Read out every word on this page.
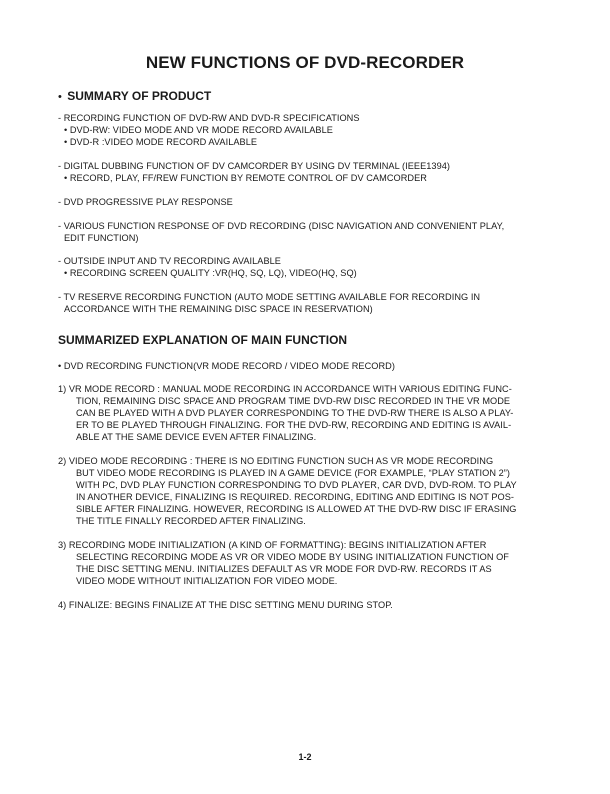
NEW FUNCTIONS OF DVD-RECORDER
• SUMMARY OF PRODUCT
- RECORDING FUNCTION OF DVD-RW AND DVD-R SPECIFICATIONS
• DVD-RW: VIDEO MODE AND VR MODE RECORD AVAILABLE
• DVD-R :VIDEO MODE RECORD AVAILABLE
- DIGITAL DUBBING FUNCTION OF DV CAMCORDER BY USING DV TERMINAL (IEEE1394)
• RECORD, PLAY, FF/REW FUNCTION BY REMOTE CONTROL OF DV CAMCORDER
- DVD PROGRESSIVE PLAY RESPONSE
- VARIOUS FUNCTION RESPONSE OF DVD RECORDING (DISC NAVIGATION AND CONVENIENT PLAY,
EDIT FUNCTION)
- OUTSIDE INPUT AND TV RECORDING AVAILABLE
• RECORDING SCREEN QUALITY :VR(HQ, SQ, LQ), VIDEO(HQ, SQ)
- TV RESERVE RECORDING FUNCTION (AUTO MODE SETTING AVAILABLE FOR RECORDING IN
ACCORDANCE WITH THE REMAINING DISC SPACE IN RESERVATION)
SUMMARIZED EXPLANATION OF MAIN FUNCTION
• DVD RECORDING FUNCTION(VR MODE RECORD / VIDEO MODE RECORD)
1) VR MODE RECORD : MANUAL MODE RECORDING IN ACCORDANCE WITH VARIOUS EDITING FUNC-
TION, REMAINING DISC SPACE AND PROGRAM TIME DVD-RW DISC RECORDED IN THE VR MODE
CAN BE PLAYED WITH A DVD PLAYER CORRESPONDING TO THE DVD-RW THERE IS ALSO A PLAY-
ER TO BE PLAYED THROUGH FINALIZING. FOR THE DVD-RW, RECORDING AND EDITING IS AVAIL-
ABLE AT THE SAME DEVICE EVEN AFTER FINALIZING.
2) VIDEO MODE RECORDING : THERE IS NO EDITING FUNCTION SUCH AS VR MODE RECORDING
BUT VIDEO MODE RECORDING IS PLAYED IN A GAME DEVICE (FOR EXAMPLE, “PLAY STATION 2”)
WITH PC, DVD PLAY FUNCTION CORRESPONDING TO DVD PLAYER, CAR DVD, DVD-ROM. TO PLAY
IN ANOTHER DEVICE, FINALIZING IS REQUIRED. RECORDING, EDITING AND EDITING IS NOT POS-
SIBLE AFTER FINALIZING. HOWEVER, RECORDING IS ALLOWED AT THE DVD-RW DISC IF ERASING
THE TITLE FINALLY RECORDED AFTER FINALIZING.
3) RECORDING MODE INITIALIZATION (A KIND OF FORMATTING): BEGINS INITIALIZATION AFTER
SELECTING RECORDING MODE AS VR OR VIDEO MODE BY USING INITIALIZATION FUNCTION OF
THE DISC SETTING MENU. INITIALIZES DEFAULT AS VR MODE FOR DVD-RW. RECORDS IT AS
VIDEO MODE WITHOUT INITIALIZATION FOR VIDEO MODE.
4) FINALIZE: BEGINS FINALIZE AT THE DISC SETTING MENU DURING STOP.
1-2
